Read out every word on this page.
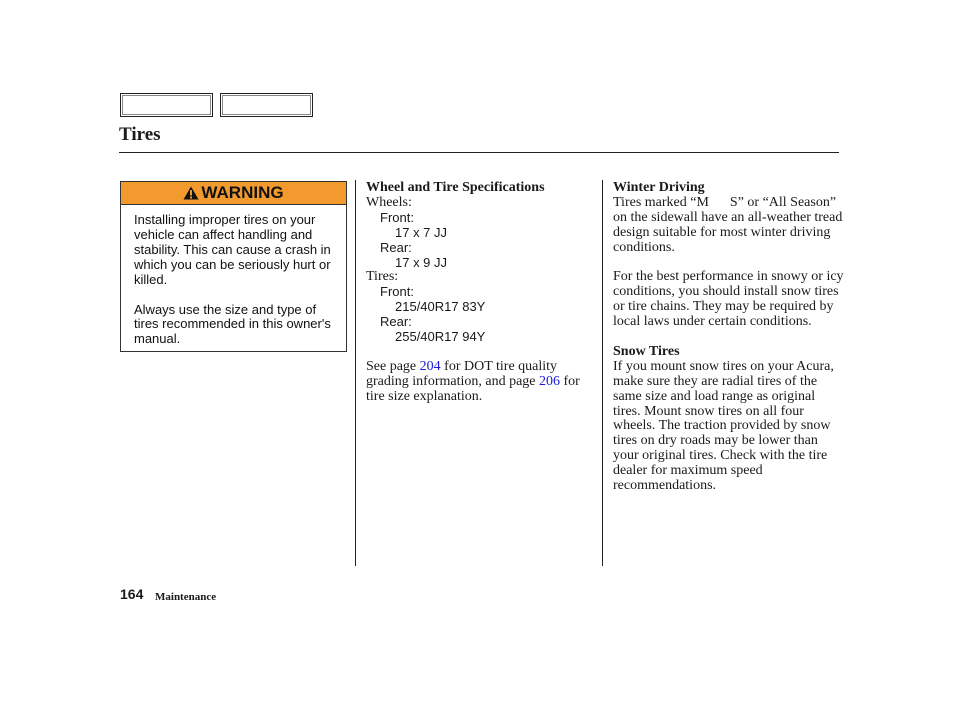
Tires
WARNING

Installing improper tires on your vehicle can affect handling and stability. This can cause a crash in which you can be seriously hurt or killed.

Always use the size and type of tires recommended in this owner's manual.

Wheel and Tire Specifications
Wheels:
Front:
17 x 7 JJ
Rear:
17 x 9 JJ
Tires:
Front:
215/40R17 83Y
Rear:
255/40R17 94Y
See page 204 for DOT tire quality grading information, and page 206 for tire size explanation.
Winter Driving
Tires marked “M      S” or “All Season” on the sidewall have an all-weather tread design suitable for most winter driving conditions.
For the best performance in snowy or icy conditions, you should install snow tires or tire chains. They may be required by local laws under certain conditions.
Snow Tires
If you mount snow tires on your Acura, make sure they are radial tires of the same size and load range as original tires. Mount snow tires on all four wheels. The traction provided by snow tires on dry roads may be lower than your original tires. Check with the tire dealer for maximum speed recommendations.
164 Maintenance
